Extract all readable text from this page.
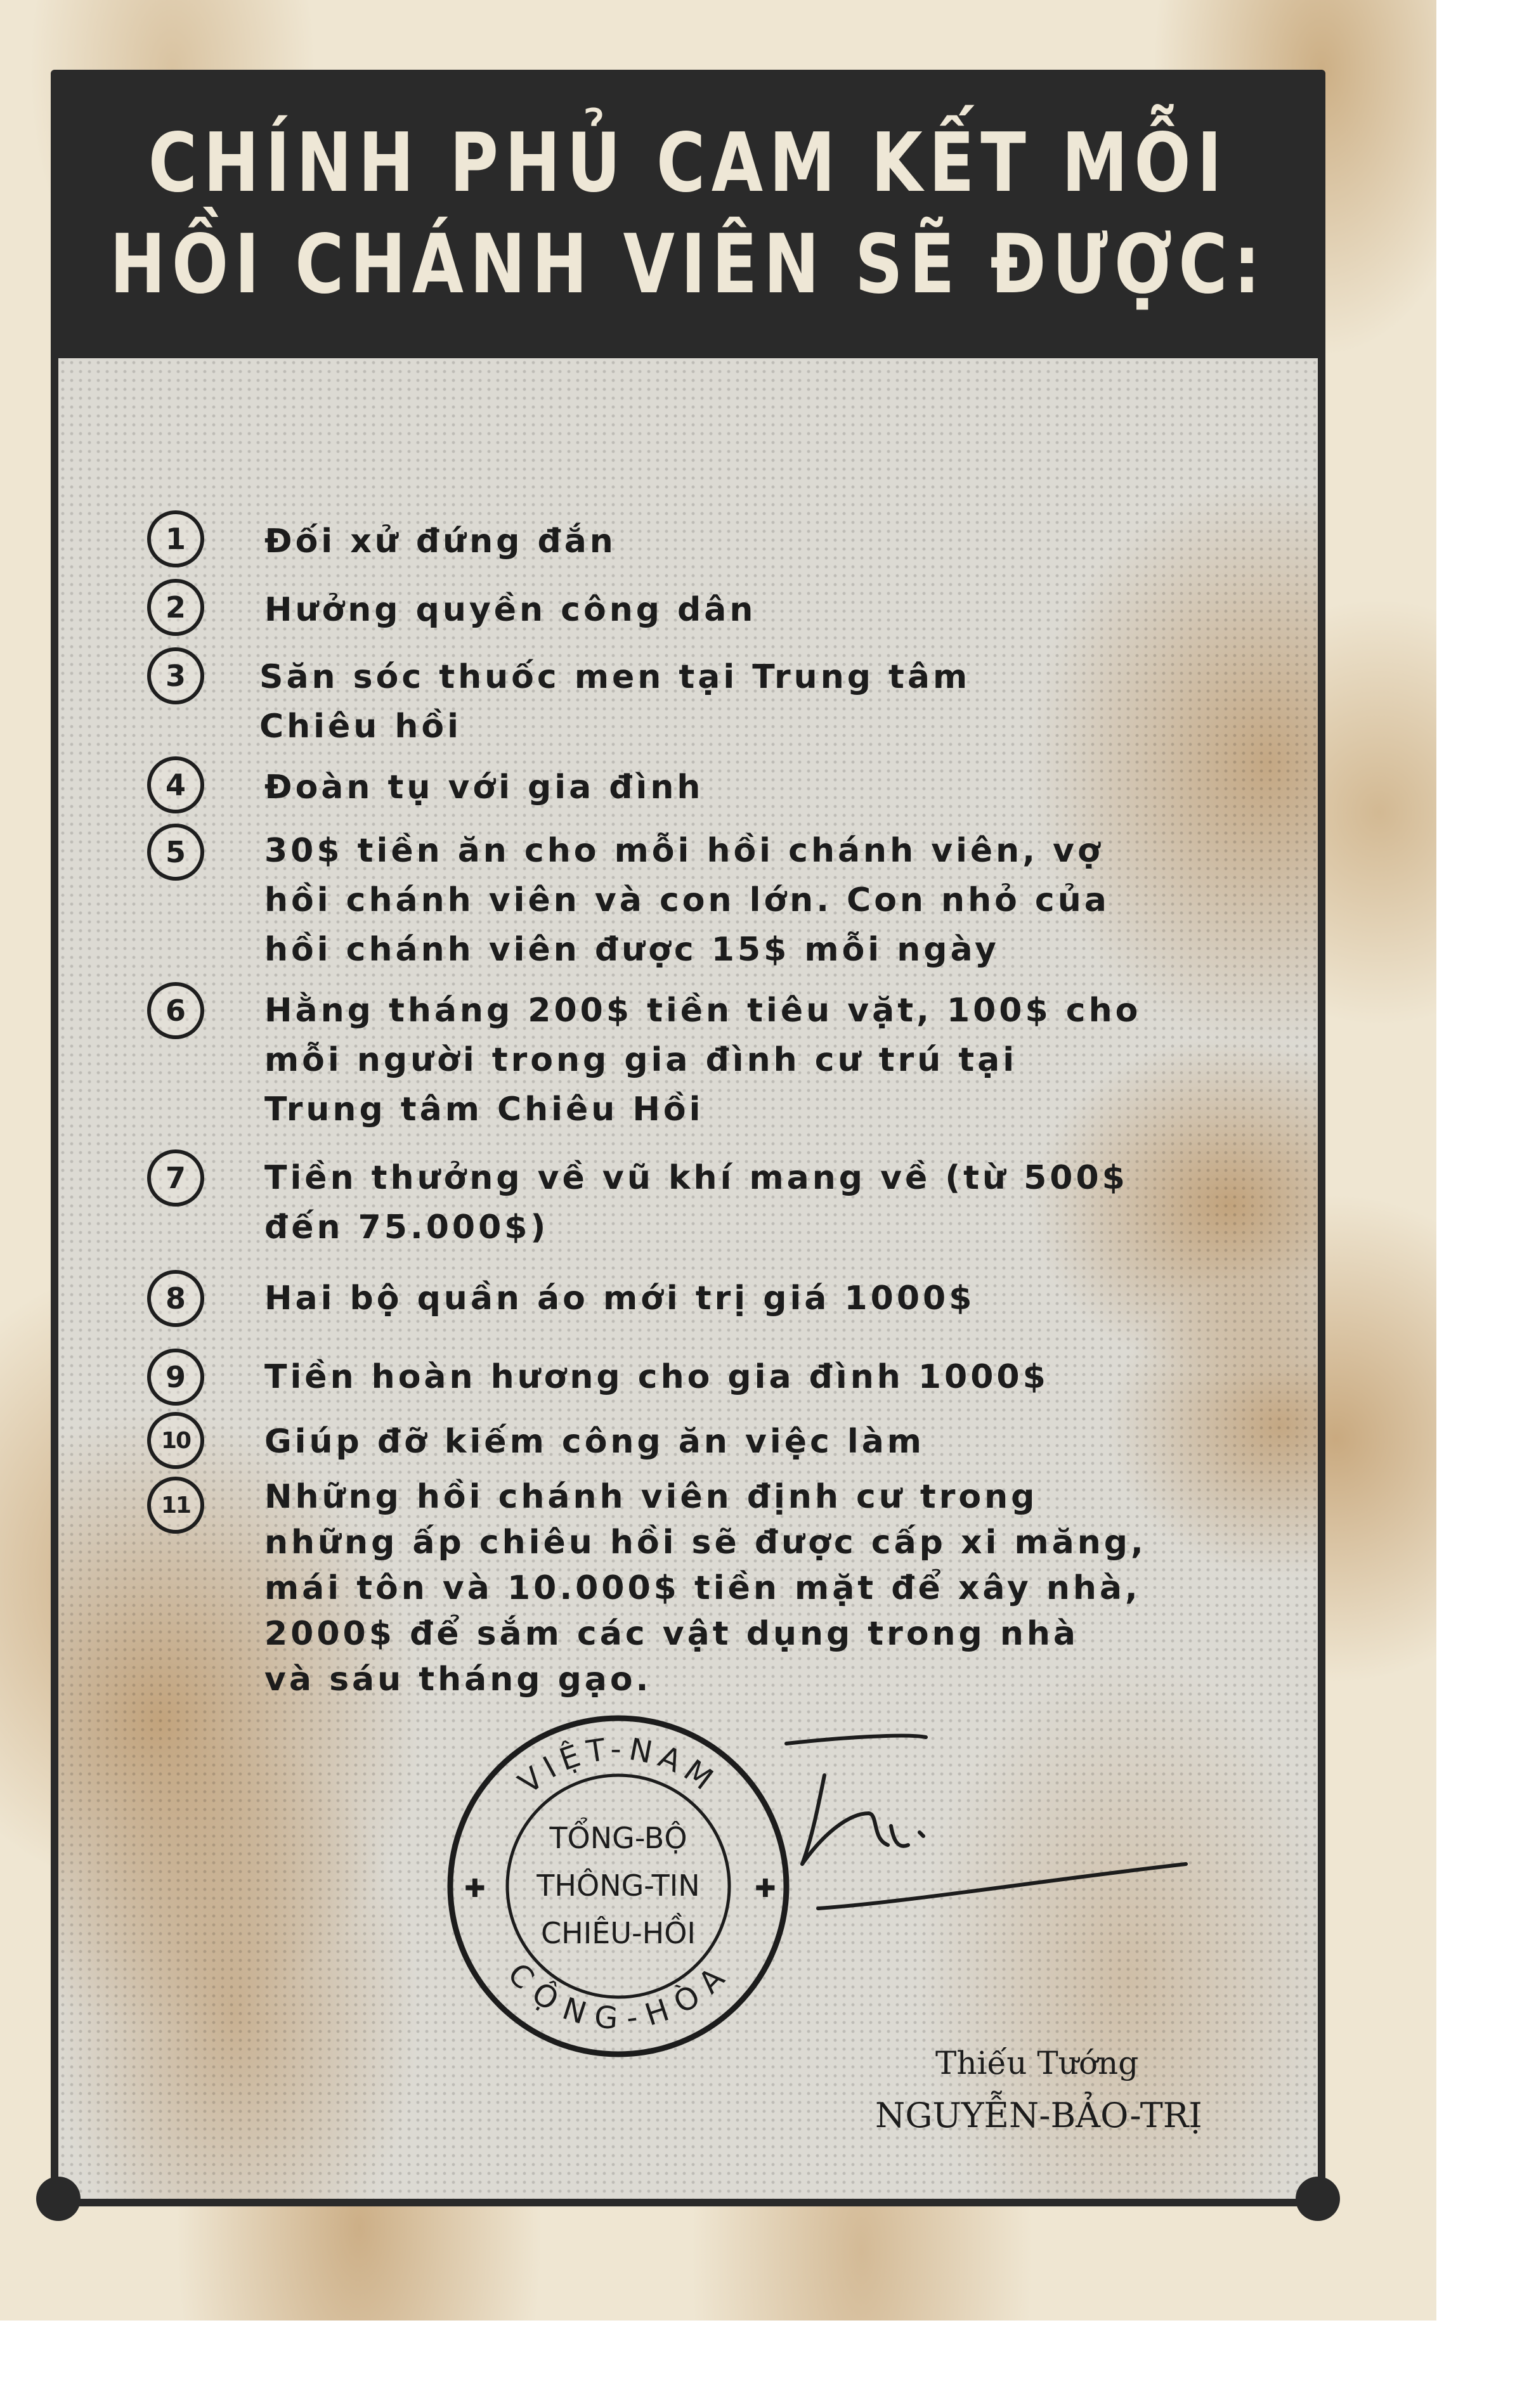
CHÍNH PHỦ CAM KẾT MỖI
HỒI CHÁNH VIÊN SẼ ĐƯỢC:
1	Đối xử đứng đắn
2	Hưởng quyền công dân
3	Săn sóc thuốc men tại Trung tâm
Chiêu hồi
4	Đoàn tụ với gia đình
5	30$ tiền ăn cho mỗi hồi chánh viên, vợ
hồi chánh viên và con lớn. Con nhỏ của
hồi chánh viên được 15$ mỗi ngày
6	Hằng tháng 200$ tiền tiêu vặt, 100$ cho
mỗi người trong gia đình cư trú tại
Trung tâm Chiêu Hồi
7	Tiền thưởng về vũ khí mang về (từ 500$
đến 75.000$)
8	Hai bộ quần áo mới trị giá 1000$
9	Tiền hoàn hương cho gia đình 1000$
10	Giúp đỡ kiếm công ăn việc làm
11	Những hồi chánh viên định cư trong
những ấp chiêu hồi sẽ được cấp xi măng,
mái tôn và 10.000$ tiền mặt để xây nhà,
2000$ để sắm các vật dụng trong nhà
và sáu tháng gạo.
VIỆT-NAM
CỘNG-HÒA
TỔNG-BỘ
THÔNG-TIN
CHIÊU-HỒI
✚	✚
Thiếu Tướng
NGUYỄN-BẢO-TRỊ
